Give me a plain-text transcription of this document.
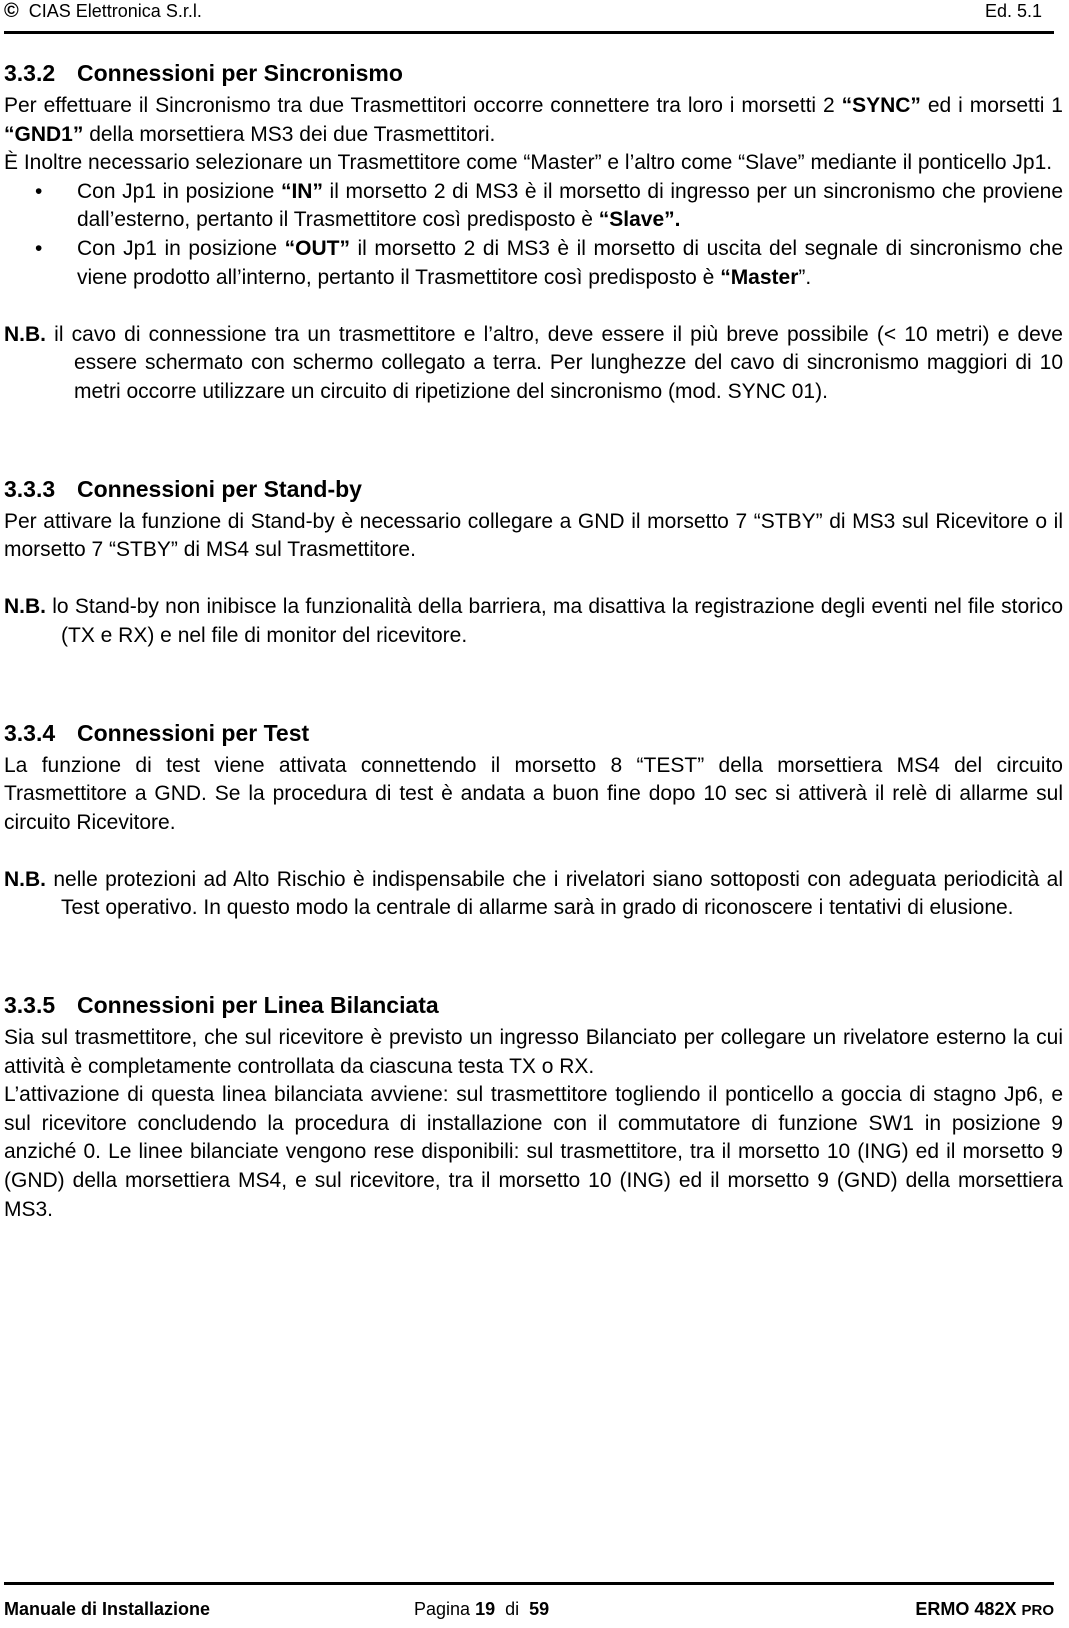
© CIAS Elettronica S.r.l.	Ed. 5.1
3.3.2 Connessioni per Sincronismo

Per effettuare il Sincronismo tra due Trasmettitori occorre connettere tra loro i morsetti 2 “SYNC” ed i morsetti 1 “GND1” della morsettiera MS3 dei due Trasmettitori.

È Inoltre necessario selezionare un Trasmettitore come “Master” e l’altro come “Slave” mediante il ponticello Jp1.

• Con Jp1 in posizione “IN” il morsetto 2 di MS3 è il morsetto di ingresso per un sincronismo che proviene dall’esterno, pertanto il Trasmettitore così predisposto è “Slave”.
• Con Jp1 in posizione “OUT” il morsetto 2 di MS3 è il morsetto di uscita del segnale di sincronismo che viene prodotto all’interno, pertanto il Trasmettitore così predisposto è “Master”.

N.B. il cavo di connessione tra un trasmettitore e l’altro, deve essere il più breve possibile (< 10 metri) e deve essere schermato con schermo collegato a terra. Per lunghezze del cavo di sincronismo maggiori di 10 metri occorre utilizzare un circuito di ripetizione del sincronismo (mod. SYNC 01).

3.3.3 Connessioni per Stand-by

Per attivare la funzione di Stand-by è necessario collegare a GND il morsetto 7 “STBY” di MS3 sul Ricevitore o il morsetto 7 “STBY” di MS4 sul Trasmettitore.

N.B. lo Stand-by non inibisce la funzionalità della barriera, ma disattiva la registrazione degli eventi nel file storico (TX e RX) e nel file di monitor del ricevitore.

3.3.4 Connessioni per Test

La funzione di test viene attivata connettendo il morsetto 8 “TEST” della morsettiera MS4 del circuito Trasmettitore a GND. Se la procedura di test è andata a buon fine dopo 10 sec si attiverà il relè di allarme sul circuito Ricevitore.

N.B. nelle protezioni ad Alto Rischio è indispensabile che i rivelatori siano sottoposti con adeguata periodicità al Test operativo. In questo modo la centrale di allarme sarà in grado di riconoscere i tentativi di elusione.

3.3.5 Connessioni per Linea Bilanciata

Sia sul trasmettitore, che sul ricevitore è previsto un ingresso Bilanciato per collegare un rivelatore esterno la cui attività è completamente controllata da ciascuna testa TX o RX.

L’attivazione di questa linea bilanciata avviene: sul trasmettitore togliendo il ponticello a goccia di stagno Jp6, e sul ricevitore concludendo la procedura di installazione con il commutatore di funzione SW1 in posizione 9 anziché 0. Le linee bilanciate vengono rese disponibili: sul trasmettitore, tra il morsetto 10 (ING) ed il morsetto 9 (GND) della morsettiera MS4, e sul ricevitore, tra il morsetto 10 (ING) ed il morsetto 9 (GND) della morsettiera MS3.

Manuale di Installazione	Pagina 19 di 59	ERMO 482X PRO
